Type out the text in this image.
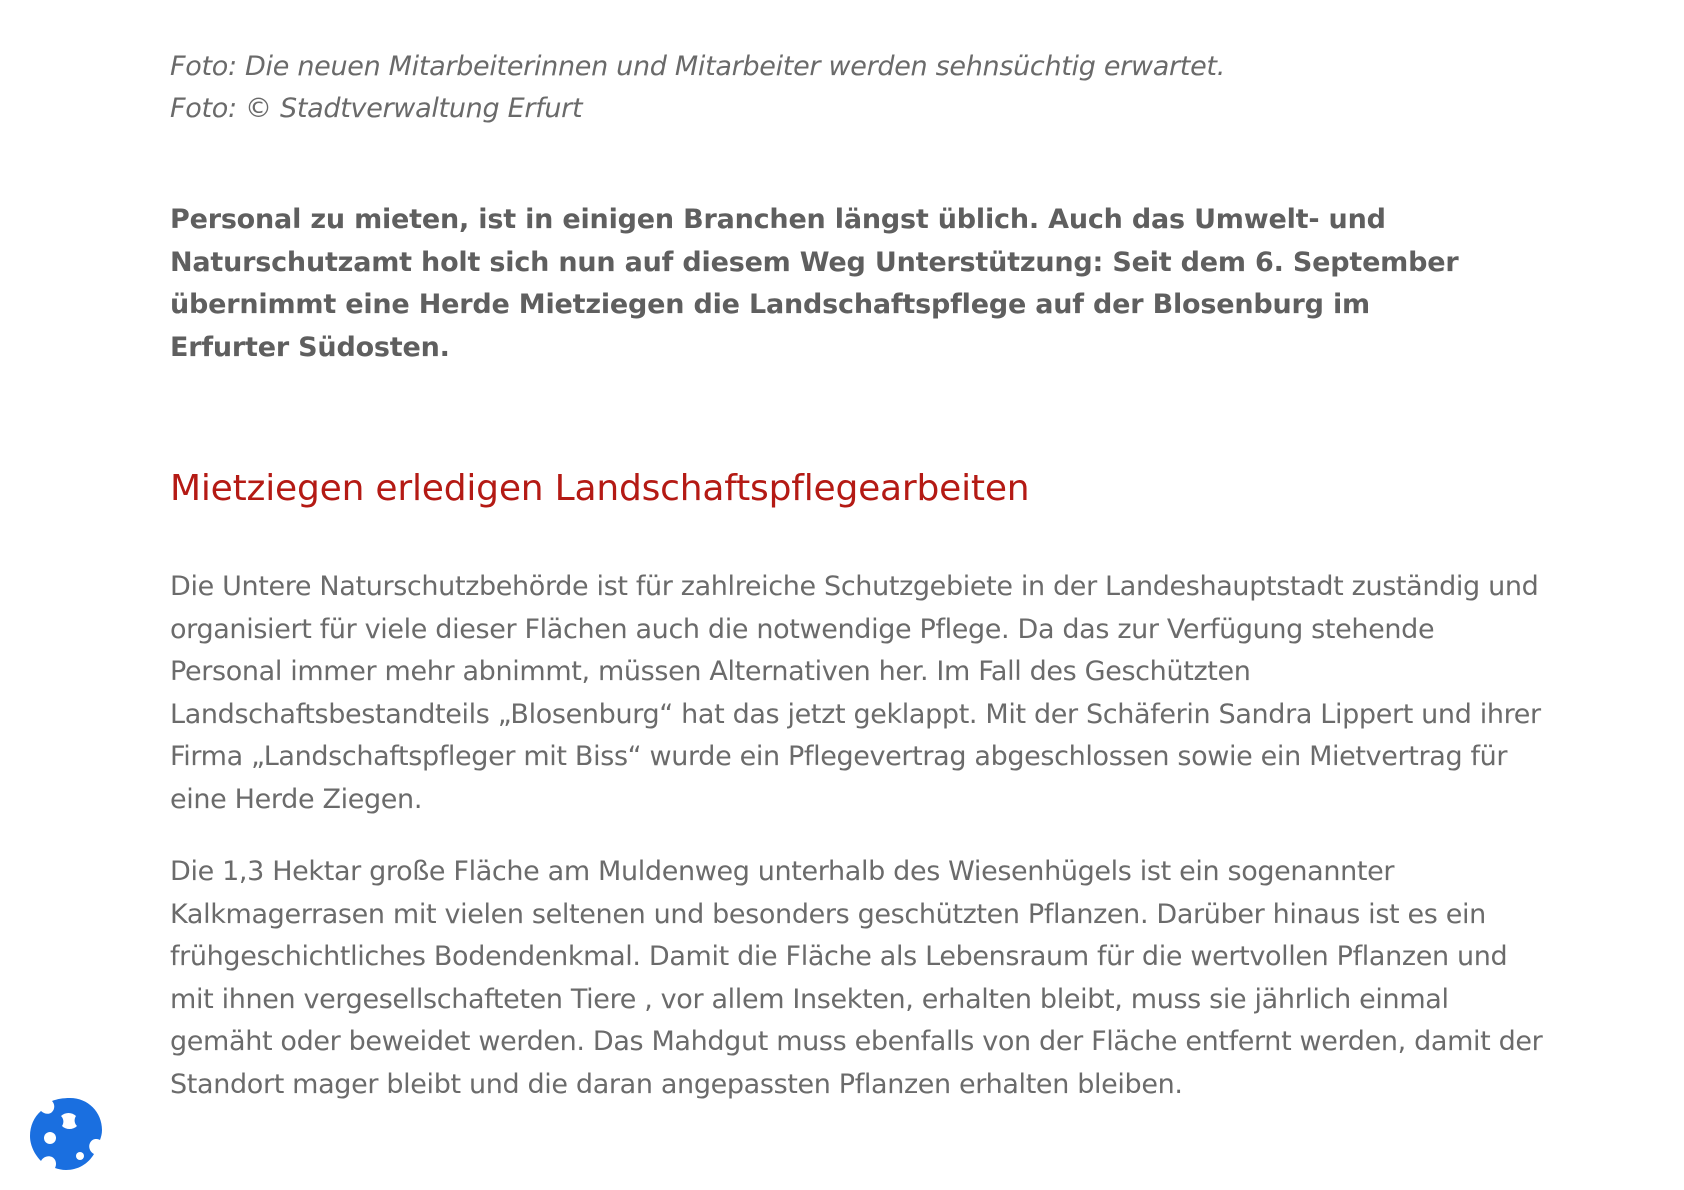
Foto: Die neuen Mitarbeiterinnen und Mitarbeiter werden sehnsüchtig erwartet.
Foto: © Stadtverwaltung Erfurt

Personal zu mieten, ist in einigen Branchen längst üblich. Auch das Umwelt- und Naturschutzamt holt sich nun auf diesem Weg Unterstützung: Seit dem 6. September übernimmt eine Herde Mietziegen die Landschaftspflege auf der Blosenburg im Erfurter Südosten.

Mietziegen erledigen Landschaftspflegearbeiten

Die Untere Naturschutzbehörde ist für zahlreiche Schutzgebiete in der Landeshauptstadt zuständig und organisiert für viele dieser Flächen auch die notwendige Pflege. Da das zur Verfügung stehende Personal immer mehr abnimmt, müssen Alternativen her. Im Fall des Geschützten Landschaftsbestandteils „Blosenburg“ hat das jetzt geklappt. Mit der Schäferin Sandra Lippert und ihrer Firma „Landschaftspfleger mit Biss“ wurde ein Pflegevertrag abgeschlossen sowie ein Mietvertrag für eine Herde Ziegen.

Die 1,3 Hektar große Fläche am Muldenweg unterhalb des Wiesenhügels ist ein sogenannter Kalkmagerrasen mit vielen seltenen und besonders geschützten Pflanzen. Darüber hinaus ist es ein frühgeschichtliches Bodendenkmal. Damit die Fläche als Lebensraum für die wertvollen Pflanzen und mit ihnen vergesellschafteten Tiere , vor allem Insekten, erhalten bleibt, muss sie jährlich einmal gemäht oder beweidet werden. Das Mahdgut muss ebenfalls von der Fläche entfernt werden, damit der Standort mager bleibt und die daran angepassten Pflanzen erhalten bleiben.
